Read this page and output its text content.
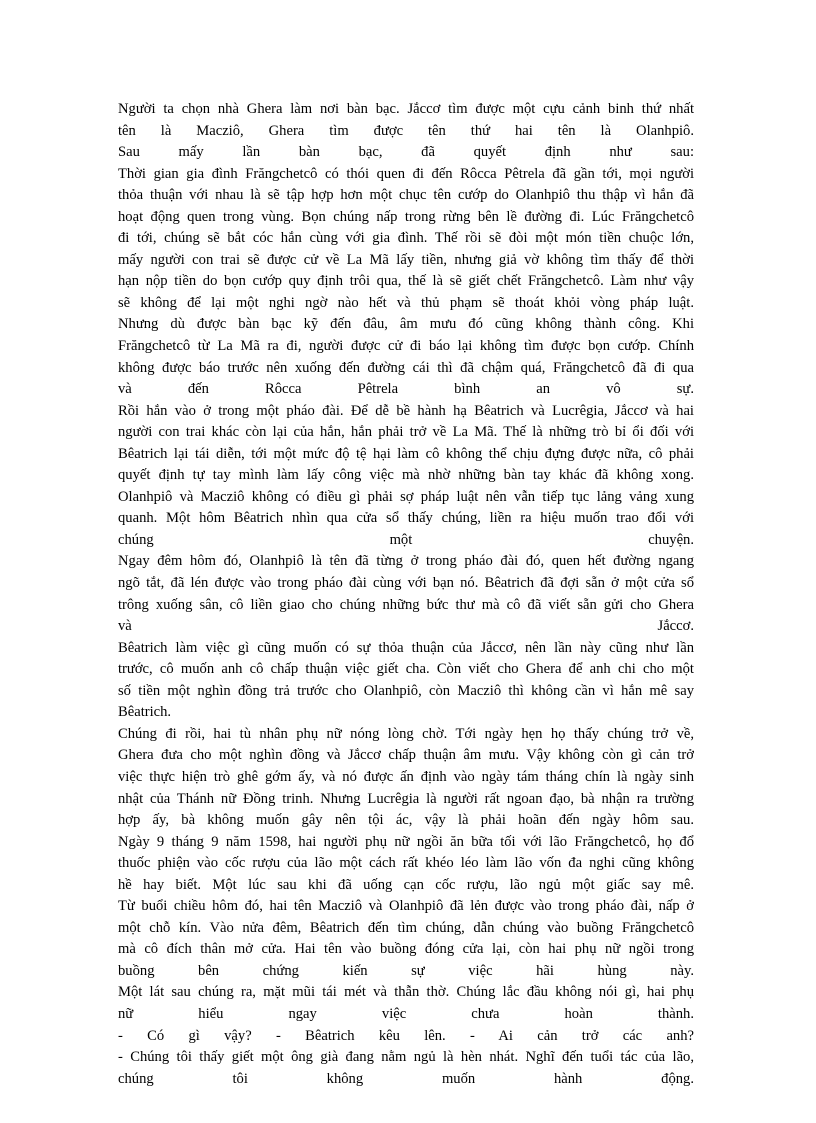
Người ta chọn nhà Ghera làm nơi bàn bạc. Jắccơ tìm được một cựu cảnh binh thứ nhất
tên là Macziô, Ghera tìm được tên thứ hai tên là Olanhpiô.
Sau mấy lần bàn bạc, đã quyết định như sau:
Thời gian gia đình Frăngchetcô có thói quen đi đến Rôcca Pêtrela đã gần tới, mọi người
thỏa thuận với nhau là sẽ tập hợp hơn một chục tên cướp do Olanhpiô thu thập vì hắn đã
hoạt động quen trong vùng. Bọn chúng nấp trong rừng bên lề đường đi. Lúc Frăngchetcô
đi tới, chúng sẽ bắt cóc hắn cùng với gia đình. Thế rồi sẽ đòi một món tiền chuộc lớn,
mấy người con trai sẽ được cử về La Mã lấy tiền, nhưng giả vờ không tìm thấy để thời
hạn nộp tiền do bọn cướp quy định trôi qua, thế là sẽ giết chết Frăngchetcô. Làm như vậy
sẽ không để lại một nghi ngờ nào hết và thủ phạm sẽ thoát khỏi vòng pháp luật.
Nhưng dù được bàn bạc kỹ đến đâu, âm mưu đó cũng không thành công. Khi
Frăngchetcô từ La Mã ra đi, người được cử đi báo lại không tìm được bọn cướp. Chính
không được báo trước nên xuống đến đường cái thì đã chậm quá, Frăngchetcô đã đi qua
và đến Rôcca Pêtrela bình an vô sự.
Rồi hắn vào ở trong một pháo đài. Để dễ bề hành hạ Bêatrich và Lucrêgia, Jắccơ và hai
người con trai khác còn lại của hắn, hắn phải trở về La Mã. Thế là những trò bỉ ổi đối với
Bêatrich lại tái diễn, tới một mức độ tệ hại làm cô không thể chịu đựng được nữa, cô phải
quyết định tự tay mình làm lấy công việc mà nhờ những bàn tay khác đã không xong.
Olanhpiô và Macziô không có điều gì phải sợ pháp luật nên vẫn tiếp tục lảng vảng xung
quanh. Một hôm Bêatrich nhìn qua cửa sổ thấy chúng, liền ra hiệu muốn trao đổi với
chúng một chuyện.
Ngay đêm hôm đó, Olanhpiô là tên đã từng ở trong pháo đài đó, quen hết đường ngang
ngõ tắt, đã lén được vào trong pháo đài cùng với bạn nó. Bêatrich đã đợi sẵn ở một cửa sổ
trông xuống sân, cô liền giao cho chúng những bức thư mà cô đã viết sẵn gửi cho Ghera
và Jắccơ.
Bêatrich làm việc gì cũng muốn có sự thỏa thuận của Jắccơ, nên lần này cũng như lần
trước, cô muốn anh cô chấp thuận việc giết cha. Còn viết cho Ghera để anh chi cho một
số tiền một nghìn đồng trả trước cho Olanhpiô, còn Macziô thì không cần vì hắn mê say
Bêatrich.
Chúng đi rồi, hai tù nhân phụ nữ nóng lòng chờ. Tới ngày hẹn họ thấy chúng trở về,
Ghera đưa cho một nghìn đồng và Jắccơ chấp thuận âm mưu. Vậy không còn gì cản trở
việc thực hiện trò ghê gớm ấy, và nó được ấn định vào ngày tám tháng chín là ngày sinh
nhật của Thánh nữ Đồng trinh. Nhưng Lucrêgia là người rất ngoan đạo, bà nhận ra trường
hợp ấy, bà không muốn gây nên tội ác, vậy là phải hoãn đến ngày hôm sau.
Ngày 9 tháng 9 năm 1598, hai người phụ nữ ngồi ăn bữa tối với lão Frăngchetcô, họ đổ
thuốc phiện vào cốc rượu của lão một cách rất khéo léo làm lão vốn đa nghi cũng không
hề hay biết. Một lúc sau khi đã uống cạn cốc rượu, lão ngủ một giấc say mê.
Từ buổi chiều hôm đó, hai tên Macziô và Olanhpiô đã lẻn được vào trong pháo đài, nấp ở
một chỗ kín. Vào nửa đêm, Bêatrich đến tìm chúng, dẫn chúng vào buồng Frăngchetcô
mà cô đích thân mở cửa. Hai tên vào buồng đóng cửa lại, còn hai phụ nữ ngồi trong
buồng bên chứng kiến sự việc hãi hùng này.
Một lát sau chúng ra, mặt mũi tái mét và thẫn thờ. Chúng lắc đầu không nói gì, hai phụ
nữ hiểu ngay việc chưa hoàn thành.
- Có gì vậy? - Bêatrich kêu lên. - Ai cản trở các anh?
- Chúng tôi thấy giết một ông già đang nằm ngủ là hèn nhát. Nghĩ đến tuổi tác của lão,
chúng tôi không muốn hành động.
